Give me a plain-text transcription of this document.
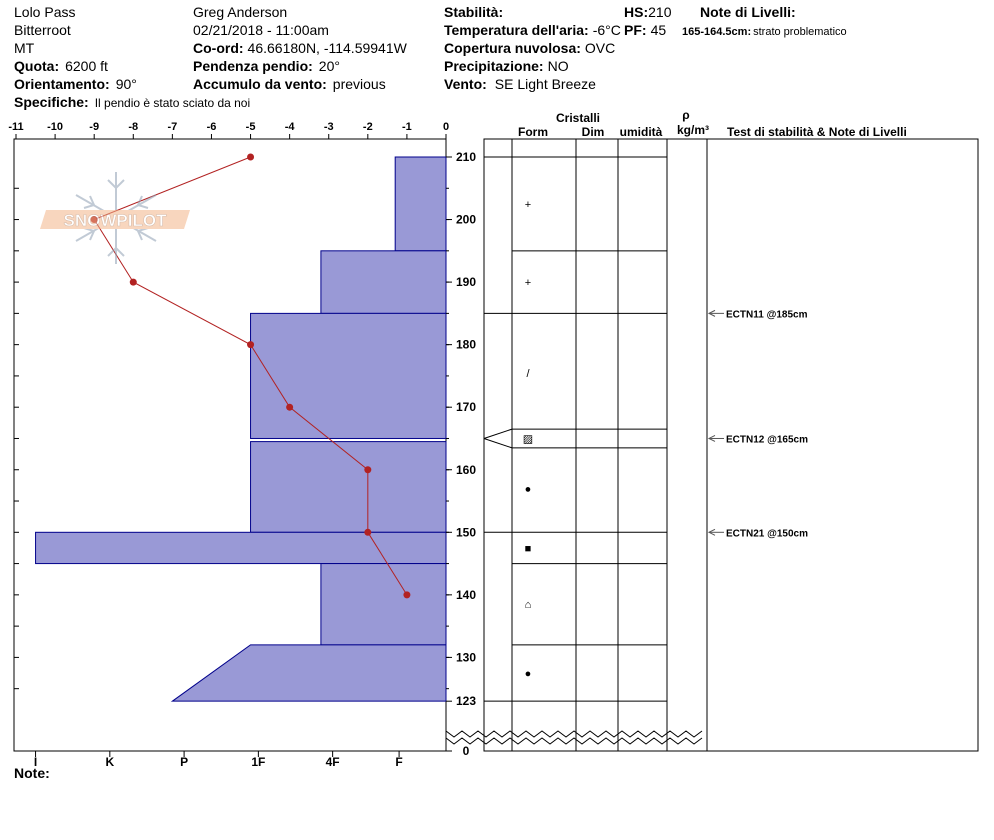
Lolo Pass
Bitterroot
MT
Quota: 6200 ft
Orientamento: 90°
Specifiche: Il pendio è stato sciato da noi
Greg Anderson
02/21/2018 - 11:00am
Co-ord: 46.66180N, -114.59941W
Pendenza pendio: 20°
Accumulo da vento: previous
Stabilità:
Temperatura dell'aria: -6°C
Copertura nuvolosa: OVC
Precipitazione: NO
Vento: SE Light Breeze
HS:210
PF: 45
Note di Livelli:
165-164.5cm: strato problematico
Note:
-11 -10 -9	-8	-7	-6	-5	-4	-3	-2	-1	0
210
200
190
180
170
160
150
140
130
123
0
I	K	P	1F	4F	F
SNOWPILOT
Cristalli
Form	Dim umidità
ρ
kg/m³ Test di stabilità & Note di Livelli
+
+
/
▨
●
■
⌂
●
ECTN11 @185cm
ECTN12 @165cm
ECTN21 @150cm
